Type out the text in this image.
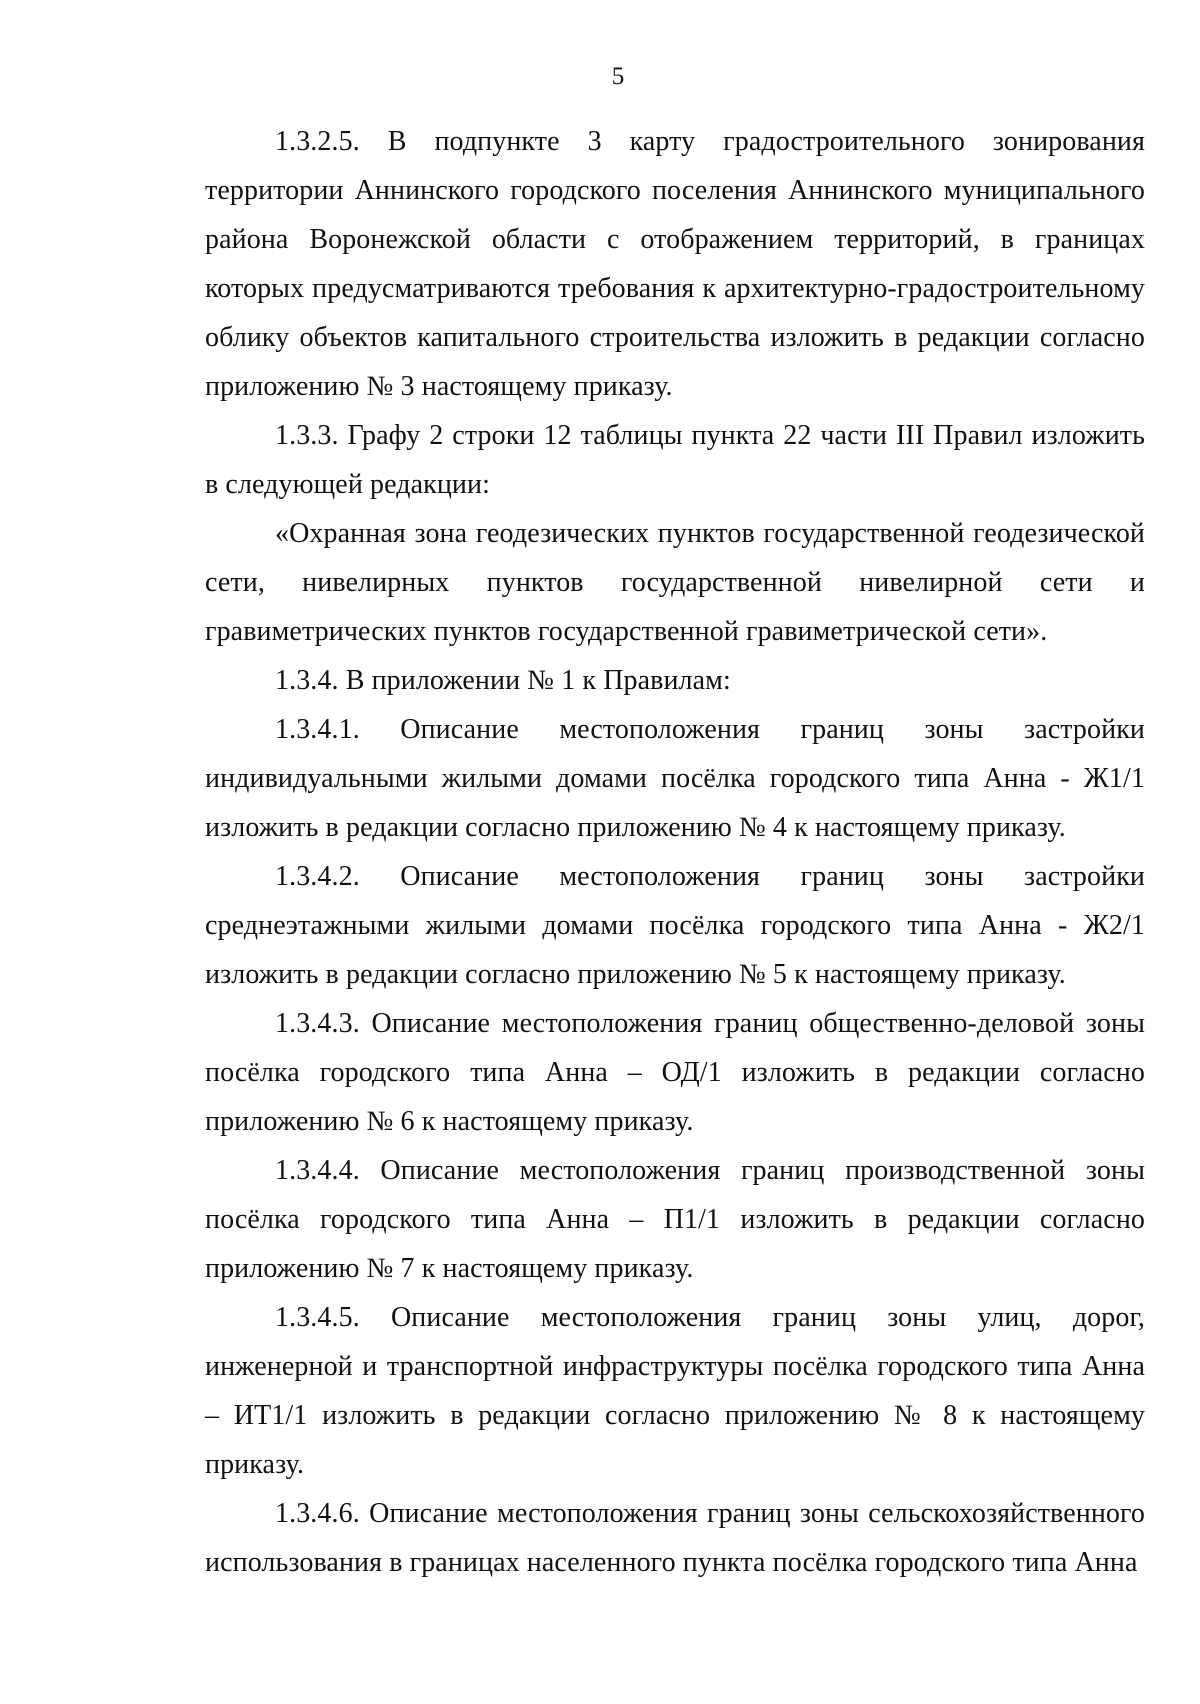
5

1.3.2.5. В подпункте 3 карту градостроительного зонирования территории Аннинского городского поселения Аннинского муниципального района Воронежской области с отображением территорий, в границах которых предусматриваются требования к архитектурно-градостроительному облику объектов капитального строительства изложить в редакции согласно приложению № 3 настоящему приказу.

1.3.3. Графу 2 строки 12 таблицы пункта 22 части III Правил изложить в следующей редакции:

«Охранная зона геодезических пунктов государственной геодезической сети, нивелирных пунктов государственной нивелирной сети и гравиметрических пунктов государственной гравиметрической сети».

1.3.4. В приложении № 1 к Правилам:

1.3.4.1. Описание местоположения границ зоны застройки индивидуальными жилыми домами посёлка городского типа Анна - Ж1/1 изложить в редакции согласно приложению № 4 к настоящему приказу.

1.3.4.2. Описание местоположения границ зоны застройки среднеэтажными жилыми домами посёлка городского типа Анна - Ж2/1 изложить в редакции согласно приложению № 5 к настоящему приказу.

1.3.4.3. Описание местоположения границ общественно-деловой зоны посёлка городского типа Анна – ОД/1 изложить в редакции согласно приложению № 6 к настоящему приказу.

1.3.4.4. Описание местоположения границ производственной зоны посёлка городского типа Анна – П1/1 изложить в редакции согласно приложению № 7 к настоящему приказу.

1.3.4.5. Описание местоположения границ зоны улиц, дорог, инженерной и транспортной инфраструктуры посёлка городского типа Анна – ИТ1/1 изложить в редакции согласно приложению № 8 к настоящему приказу.

1.3.4.6. Описание местоположения границ зоны сельскохозяйственного использования в границах населенного пункта посёлка городского типа Анна
